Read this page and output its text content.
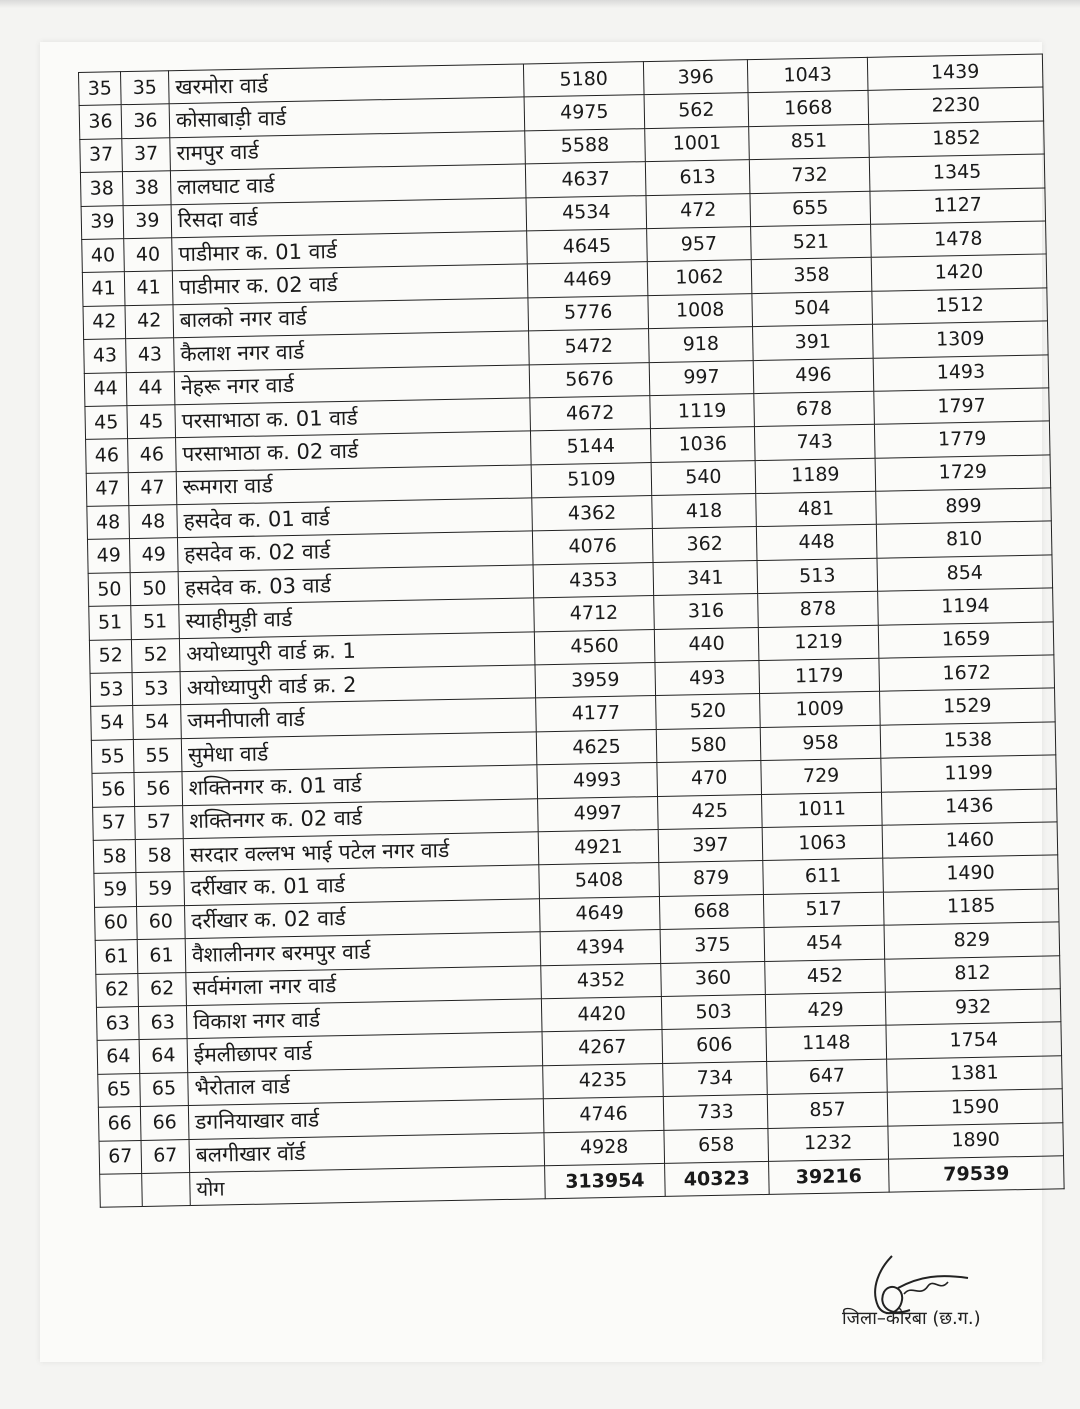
35	35	खरमोरा वार्ड	5180	396	1043	1439
36	36	कोसाबाड़ी वार्ड	4975	562	1668	2230
37	37	रामपुर वार्ड	5588	1001	851	1852
38	38	लालघाट वार्ड	4637	613	732	1345
39	39	रिसदा वार्ड	4534	472	655	1127
40	40	पाडीमार क. 01 वार्ड	4645	957	521	1478
41	41	पाडीमार क. 02 वार्ड	4469	1062	358	1420
42	42	बालको नगर वार्ड	5776	1008	504	1512
43	43	कैलाश नगर वार्ड	5472	918	391	1309
44	44	नेहरू नगर वार्ड	5676	997	496	1493
45	45	परसाभाठा क. 01 वार्ड	4672	1119	678	1797
46	46	परसाभाठा क. 02 वार्ड	5144	1036	743	1779
47	47	रूमगरा वार्ड	5109	540	1189	1729
48	48	हसदेव क. 01 वार्ड	4362	418	481	899
49	49	हसदेव क. 02 वार्ड	4076	362	448	810
50	50	हसदेव क. 03 वार्ड	4353	341	513	854
51	51	स्याहीमुड़ी वार्ड	4712	316	878	1194
52	52	अयोध्यापुरी वार्ड क्र. 1	4560	440	1219	1659
53	53	अयोध्यापुरी वार्ड क्र. 2	3959	493	1179	1672
54	54	जमनीपाली वार्ड	4177	520	1009	1529
55	55	सुमेधा वार्ड	4625	580	958	1538
56	56	शक्तिनगर क. 01 वार्ड	4993	470	729	1199
57	57	शक्तिनगर क. 02 वार्ड	4997	425	1011	1436
58	58	सरदार वल्लभ भाई पटेल नगर वार्ड	4921	397	1063	1460
59	59	दर्रीखार क. 01 वार्ड	5408	879	611	1490
60	60	दर्रीखार क. 02 वार्ड	4649	668	517	1185
61	61	वैशालीनगर बरमपुर वार्ड	4394	375	454	829
62	62	सर्वमंगला नगर वार्ड	4352	360	452	812
63	63	विकाश नगर वार्ड	4420	503	429	932
64	64	ईमलीछापर वार्ड	4267	606	1148	1754
65	65	भैरोताल वार्ड	4235	734	647	1381
66	66	डगनियाखार वार्ड	4746	733	857	1590
67	67	बलगीखार वॉर्ड	4928	658	1232	1890
		योग	313954	40323	39216	79539
जिला–कोरबा (छ.ग.)
